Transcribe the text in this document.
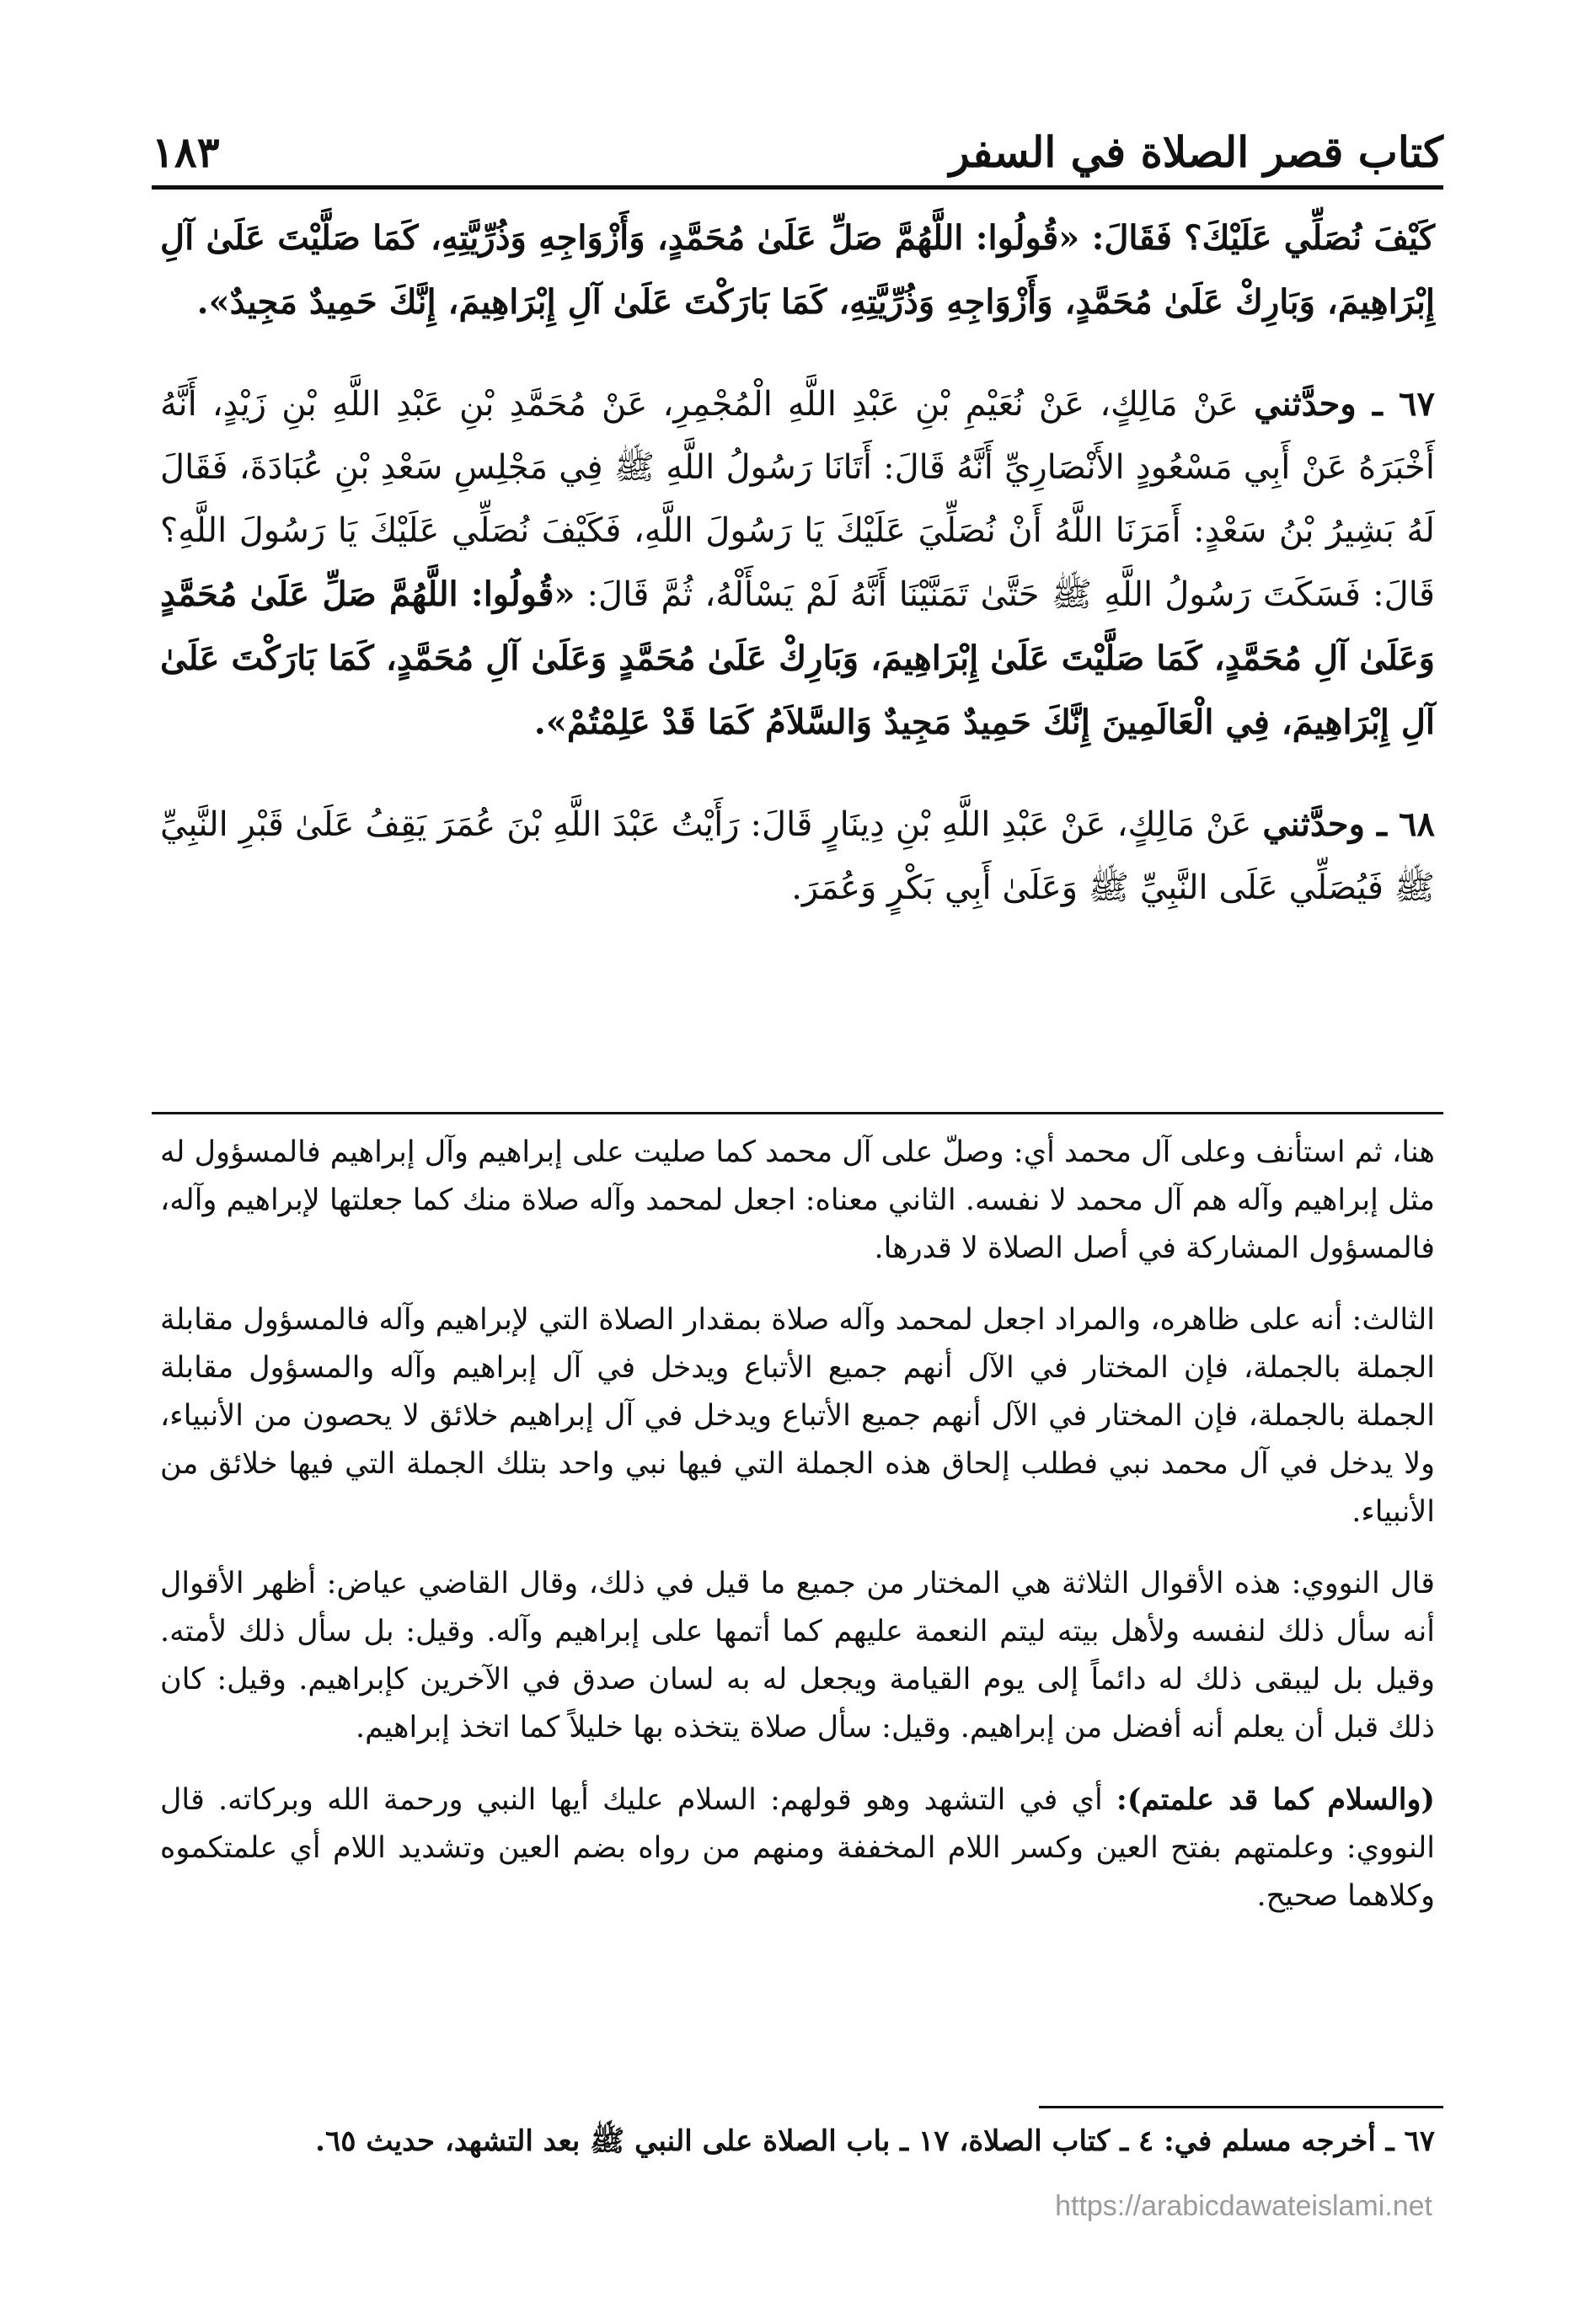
كتاب قصر الصلاة في السفر
١٨٣

كَيْفَ نُصَلِّي عَلَيْكَ؟ فَقَالَ: «قُولُوا: اللَّهُمَّ صَلِّ عَلَىٰ مُحَمَّدٍ، وَأَزْوَاجِهِ وَذُرِّيَّتِهِ، كَمَا صَلَّيْتَ عَلَىٰ آلِ إِبْرَاهِيمَ، وَبَارِكْ عَلَىٰ مُحَمَّدٍ، وَأَزْوَاجِهِ وَذُرِّيَّتِهِ، كَمَا بَارَكْتَ عَلَىٰ آلِ إِبْرَاهِيمَ، إِنَّكَ حَمِيدٌ مَجِيدٌ».

٦٧ ـ وحدَّثني عَنْ مَالِكٍ، عَنْ نُعَيْمِ بْنِ عَبْدِ اللَّهِ الْمُجْمِرِ، عَنْ مُحَمَّدِ بْنِ عَبْدِ اللَّهِ بْنِ زَيْدٍ، أَنَّهُ أَخْبَرَهُ عَنْ أَبِي مَسْعُودٍ الأَنْصَارِيِّ أَنَّهُ قَالَ: أَتَانَا رَسُولُ اللَّهِ ﷺ فِي مَجْلِسِ سَعْدِ بْنِ عُبَادَةَ، فَقَالَ لَهُ بَشِيرُ بْنُ سَعْدٍ: أَمَرَنَا اللَّهُ أَنْ نُصَلِّيَ عَلَيْكَ يَا رَسُولَ اللَّهِ، فَكَيْفَ نُصَلِّي عَلَيْكَ يَا رَسُولَ اللَّهِ؟ قَالَ: فَسَكَتَ رَسُولُ اللَّهِ ﷺ حَتَّىٰ تَمَنَّيْنَا أَنَّهُ لَمْ يَسْأَلْهُ، ثُمَّ قَالَ: «قُولُوا: اللَّهُمَّ صَلِّ عَلَىٰ مُحَمَّدٍ وَعَلَىٰ آلِ مُحَمَّدٍ، كَمَا صَلَّيْتَ عَلَىٰ إِبْرَاهِيمَ، وَبَارِكْ عَلَىٰ مُحَمَّدٍ وَعَلَىٰ آلِ مُحَمَّدٍ، كَمَا بَارَكْتَ عَلَىٰ آلِ إِبْرَاهِيمَ، فِي الْعَالَمِينَ إِنَّكَ حَمِيدٌ مَجِيدٌ وَالسَّلاَمُ كَمَا قَدْ عَلِمْتُمْ».

٦٨ ـ وحدَّثني عَنْ مَالِكٍ، عَنْ عَبْدِ اللَّهِ بْنِ دِينَارٍ قَالَ: رَأَيْتُ عَبْدَ اللَّهِ بْنَ عُمَرَ يَقِفُ عَلَىٰ قَبْرِ النَّبِيِّ ﷺ فَيُصَلِّي عَلَى النَّبِيِّ ﷺ وَعَلَىٰ أَبِي بَكْرٍ وَعُمَرَ.

هنا، ثم استأنف وعلى آل محمد أي: وصلّ على آل محمد كما صليت على إبراهيم وآل إبراهيم فالمسؤول له مثل إبراهيم وآله هم آل محمد لا نفسه. الثاني معناه: اجعل لمحمد وآله صلاة منك كما جعلتها لإبراهيم وآله، فالمسؤول المشاركة في أصل الصلاة لا قدرها.

الثالث: أنه على ظاهره، والمراد اجعل لمحمد وآله صلاة بمقدار الصلاة التي لإبراهيم وآله فالمسؤول مقابلة الجملة بالجملة، فإن المختار في الآل أنهم جميع الأتباع ويدخل في آل إبراهيم وآله والمسؤول مقابلة الجملة بالجملة، فإن المختار في الآل أنهم جميع الأتباع ويدخل في آل إبراهيم خلائق لا يحصون من الأنبياء، ولا يدخل في آل محمد نبي فطلب إلحاق هذه الجملة التي فيها نبي واحد بتلك الجملة التي فيها خلائق من الأنبياء.

قال النووي: هذه الأقوال الثلاثة هي المختار من جميع ما قيل في ذلك، وقال القاضي عياض: أظهر الأقوال أنه سأل ذلك لنفسه ولأهل بيته ليتم النعمة عليهم كما أتمها على إبراهيم وآله. وقيل: بل سأل ذلك لأمته. وقيل بل ليبقى ذلك له دائماً إلى يوم القيامة ويجعل له به لسان صدق في الآخرين كإبراهيم. وقيل: كان ذلك قبل أن يعلم أنه أفضل من إبراهيم. وقيل: سأل صلاة يتخذه بها خليلاً كما اتخذ إبراهيم.

(والسلام كما قد علمتم): أي في التشهد وهو قولهم: السلام عليك أيها النبي ورحمة الله وبركاته. قال النووي: وعلمتهم بفتح العين وكسر اللام المخففة ومنهم من رواه بضم العين وتشديد اللام أي علمتكموه وكلاهما صحيح.

٦٧ ـ أخرجه مسلم في: ٤ ـ كتاب الصلاة، ١٧ ـ باب الصلاة على النبي ﷺ بعد التشهد، حديث ٦٥.
https://arabicdawateislami.net
